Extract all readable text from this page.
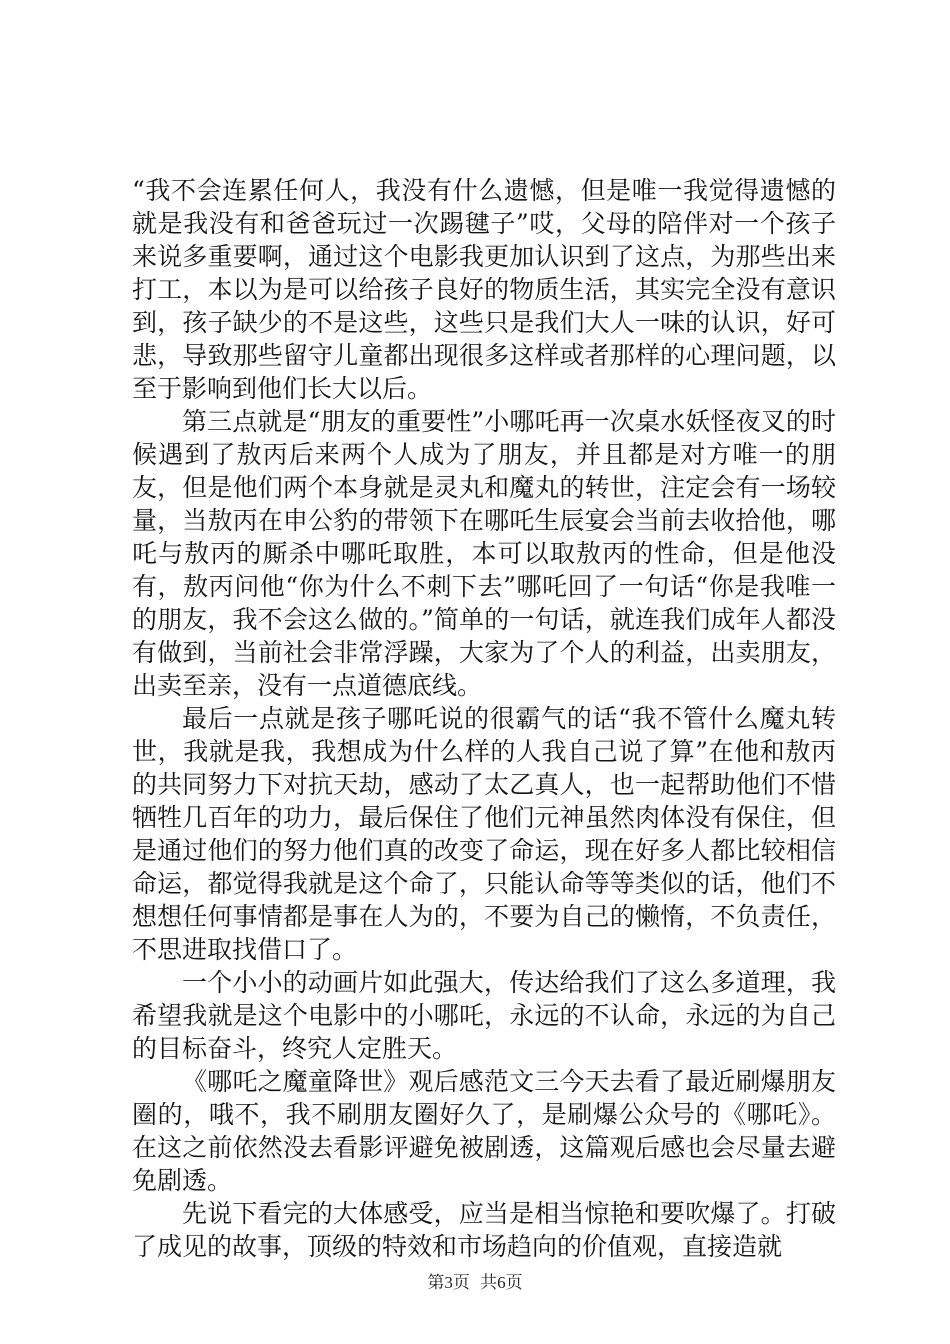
“我不会连累任何人，我没有什么遗憾，但是唯一我觉得遗憾的就是我没有和爸爸玩过一次踢毽子”哎，父母的陪伴对一个孩子来说多重要啊，通过这个电影我更加认识到了这点，为那些出来打工，本以为是可以给孩子良好的物质生活，其实完全没有意识到，孩子缺少的不是这些，这些只是我们大人一味的认识，好可悲，导致那些留守儿童都出现很多这样或者那样的心理问题，以至于影响到他们长大以后。

第三点就是“朋友的重要性”小哪吒再一次桌水妖怪夜叉的时候遇到了敖丙后来两个人成为了朋友，并且都是对方唯一的朋友，但是他们两个本身就是灵丸和魔丸的转世，注定会有一场较量，当敖丙在申公豹的带领下在哪吒生辰宴会当前去收拾他，哪吒与敖丙的厮杀中哪吒取胜，本可以取敖丙的性命，但是他没有，敖丙问他“你为什么不刺下去”哪吒回了一句话“你是我唯一的朋友，我不会这么做的。”简单的一句话，就连我们成年人都没有做到，当前社会非常浮躁，大家为了个人的利益，出卖朋友，出卖至亲，没有一点道德底线。

最后一点就是孩子哪吒说的很霸气的话“我不管什么魔丸转世，我就是我，我想成为什么样的人我自己说了算”在他和敖丙的共同努力下对抗天劫，感动了太乙真人，也一起帮助他们不惜牺牲几百年的功力，最后保住了他们元神虽然肉体没有保住，但是通过他们的努力他们真的改变了命运，现在好多人都比较相信命运，都觉得我就是这个命了，只能认命等等类似的话，他们不想想任何事情都是事在人为的，不要为自己的懒惰，不负责任，不思进取找借口了。

一个小小的动画片如此强大，传达给我们了这么多道理，我希望我就是这个电影中的小哪吒，永远的不认命，永远的为自己的目标奋斗，终究人定胜天。

《哪吒之魔童降世》观后感范文三今天去看了最近刷爆朋友圈的，哦不，我不刷朋友圈好久了，是刷爆公众号的《哪吒》。在这之前依然没去看影评避免被剧透，这篇观后感也会尽量去避免剧透。

先说下看完的大体感受，应当是相当惊艳和要吹爆了。打破了成见的故事，顶级的特效和市场趋向的价值观，直接造就

第3页 共6页
